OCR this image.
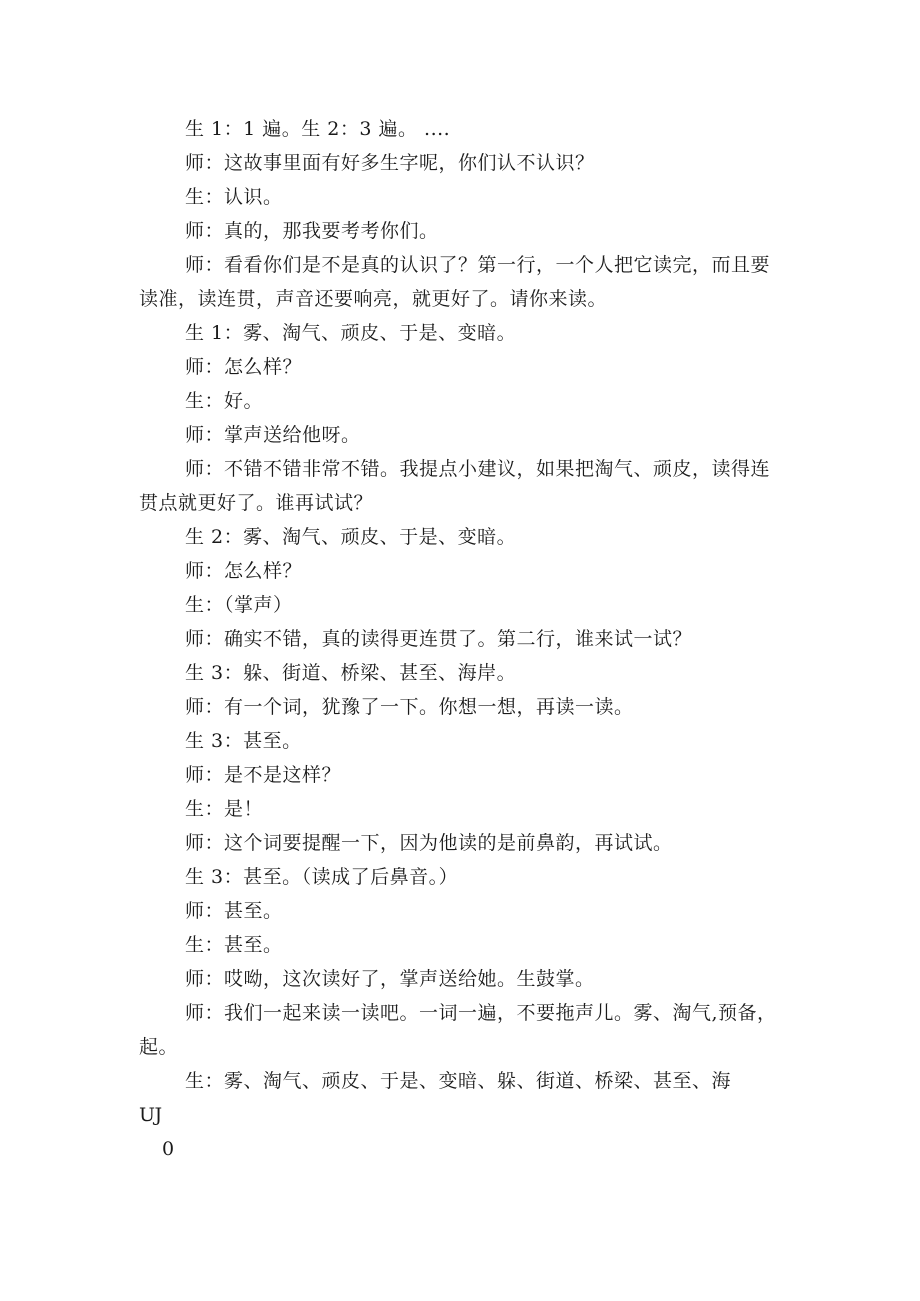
生 1：1 遍。生 2：3 遍。 ....

师：这故事里面有好多生字呢，你们认不认识？

生：认识。

师：真的，那我要考考你们。

师：看看你们是不是真的认识了？第一行，一个人把它读完，而且要读准，读连贯，声音还要响亮，就更好了。请你来读。

生 1：雾、淘气、顽皮、于是、变暗。

师：怎么样？

生：好。

师：掌声送给他呀。

师：不错不错非常不错。我提点小建议，如果把淘气、顽皮，读得连贯点就更好了。谁再试试？

生 2：雾、淘气、顽皮、于是、变暗。

师：怎么样？

生：（掌声）

师：确实不错，真的读得更连贯了。第二行，谁来试一试？

生 3：躲、街道、桥梁、甚至、海岸。

师：有一个词，犹豫了一下。你想一想，再读一读。

生 3：甚至。

师：是不是这样？

生：是！

师：这个词要提醒一下，因为他读的是前鼻韵，再试试。

生 3：甚至。（读成了后鼻音。）

师：甚至。

生：甚至。

师：哎呦，这次读好了，掌声送给她。生鼓掌。

师：我们一起来读一读吧。一词一遍，不要拖声儿。雾、淘气,预备，起。

生：雾、淘气、顽皮、于是、变暗、躲、街道、桥梁、甚至、海

UJ

0
